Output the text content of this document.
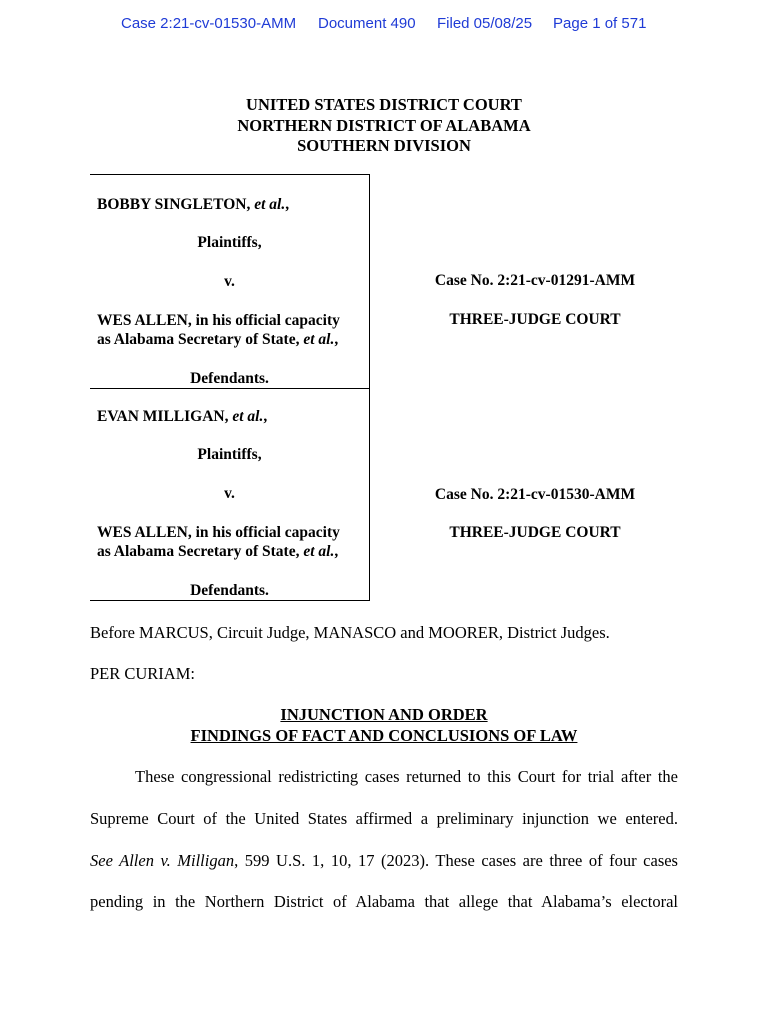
Case 2:21-cv-01530-AMM Document 490 Filed 05/08/25 Page 1 of 571
UNITED STATES DISTRICT COURT
NORTHERN DISTRICT OF ALABAMA
SOUTHERN DIVISION
BOBBY SINGLETON, et al.,
Plaintiffs,
v.
WES ALLEN, in his official capacity
as Alabama Secretary of State, et al.,
Defendants.
Case No. 2:21-cv-01291-AMM
THREE-JUDGE COURT
EVAN MILLIGAN, et al.,
Plaintiffs,
v.
WES ALLEN, in his official capacity
as Alabama Secretary of State, et al.,
Defendants.
Case No. 2:21-cv-01530-AMM
THREE-JUDGE COURT
Before MARCUS, Circuit Judge, MANASCO and MOORER, District Judges.
PER CURIAM:
INJUNCTION AND ORDER
FINDINGS OF FACT AND CONCLUSIONS OF LAW
These congressional redistricting cases returned to this Court for trial after the
Supreme Court of the United States affirmed a preliminary injunction we entered.
See Allen v. Milligan, 599 U.S. 1, 10, 17 (2023). These cases are three of four cases
pending in the Northern District of Alabama that allege that Alabama’s electoral
